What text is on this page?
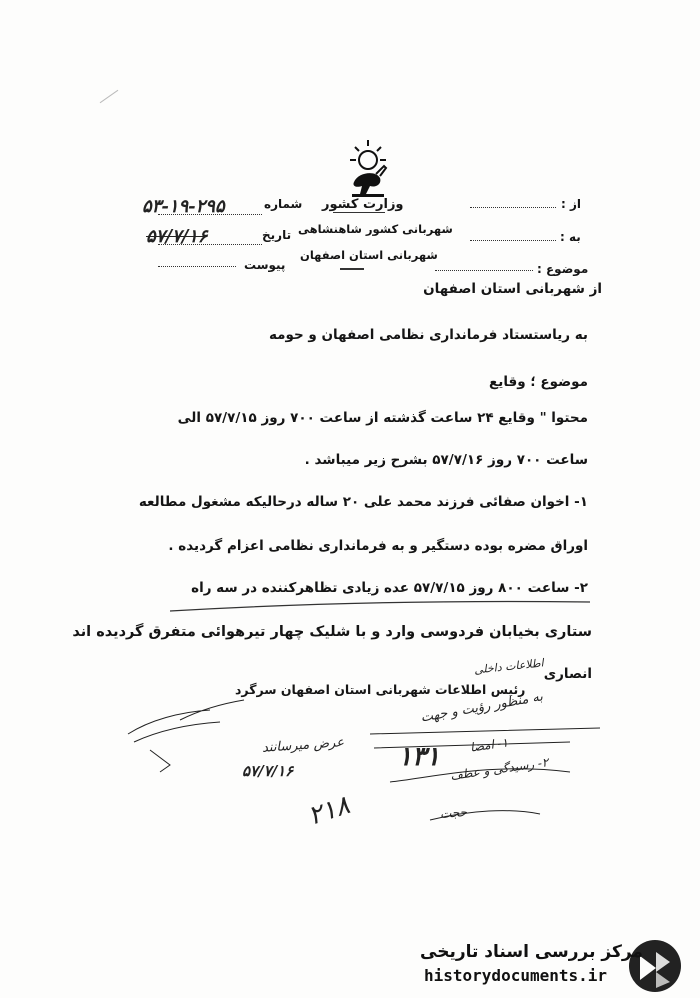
وزارت کشور
شهربانی کشور شاهنشاهی
شهربانی استان اصفهان
از :
به :
موضوع :
شماره
۵۳-۱۹-۲۹۵
تاریخ
۵۷/۷/۱۶
پیوست
از شهربانی استان اصفهان
به ریاستستاد فرمانداری نظامی اصفهان و حومه
موضوع ؛ وقایع
محتوا " وقایع ۲۴ ساعت گذشته از ساعت ۷۰۰ روز ۵۷/۷/۱۵ الی
ساعت ۷۰۰ روز ۵۷/۷/۱۶ بشرح زیر میباشد .
۱- اخوان صفائی فرزند محمد علی ۲۰ ساله درحالیکه مشغول مطالعه
اوراق مضره بوده دستگیر و به فرمانداری نظامی اعزام گردیده .
۲- ساعت ۸۰۰ روز ۵۷/۷/۱۵ عده زیادی تظاهرکننده در سه راه
ستاری بخیابان فردوسی وارد و با شلیک چهار تیرهوائی متفرق گردیده اند
انصاری
رئیس اطلاعات شهربانی استان اصفهان سرگرد
اطلاعات داخلی
به منظور رؤیت و جهت
عرض میرسانند
۵۷/۷/۱۶	۱۳۱
۲۱۸
۱- امضا
۲- رسیدگی و عطف
حجت
مرکز بررسی اسناد تاریخی
historydocuments.ir
